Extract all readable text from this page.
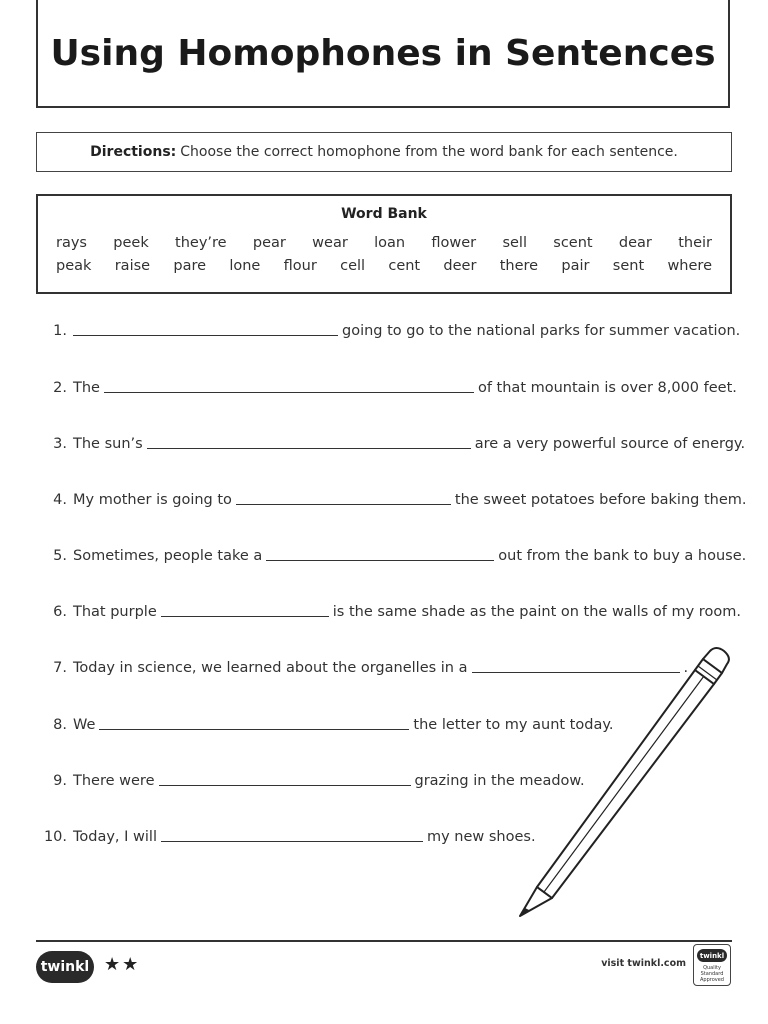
Using Homophones in Sentences
Directions: Choose the correct homophone from the word bank for each sentence.
Word Bank
rays peek they’re pear wear loan flower sell scent dear their
peak raise pare lone flour cell cent deer there pair sent where
1 .	going to go to the national parks for summer vacation.
2 . The	of that mountain is over 8,000 feet.
3 . The sun’s	are a very powerful source of energy.
4 . My mother is going to	the sweet potatoes before baking them.
5 . Sometimes, people take a	out from the bank to buy a house.
6 . That purple	is the same shade as the paint on the walls of my room.
7 . Today in science, we learned about the organelles in a	.
8 . We	the letter to my aunt today.
9 . There were	grazing in the meadow.
10 . Today, I will	my new shoes.
twinkl ★★	visit twinkl.com
twinkl
Quality Standard Approved
